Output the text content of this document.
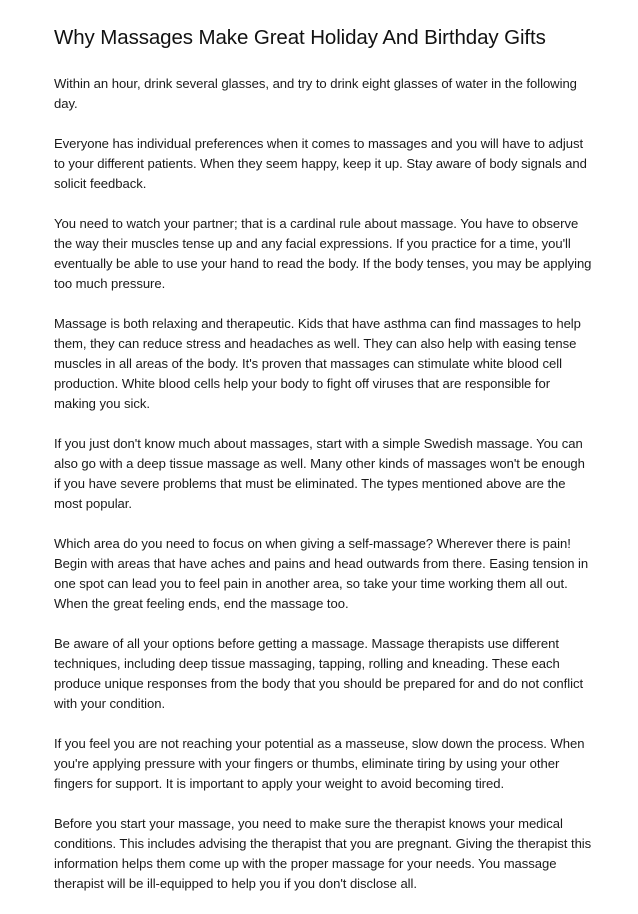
Why Massages Make Great Holiday And Birthday Gifts

Within an hour, drink several glasses, and try to drink eight glasses of water in the following day.

Everyone has individual preferences when it comes to massages and you will have to adjust to your different patients. When they seem happy, keep it up. Stay aware of body signals and solicit feedback.

You need to watch your partner; that is a cardinal rule about massage. You have to observe the way their muscles tense up and any facial expressions. If you practice for a time, you'll eventually be able to use your hand to read the body. If the body tenses, you may be applying too much pressure.

Massage is both relaxing and therapeutic. Kids that have asthma can find massages to help them, they can reduce stress and headaches as well. They can also help with easing tense muscles in all areas of the body. It's proven that massages can stimulate white blood cell production. White blood cells help your body to fight off viruses that are responsible for making you sick.

If you just don't know much about massages, start with a simple Swedish massage. You can also go with a deep tissue massage as well. Many other kinds of massages won't be enough if you have severe problems that must be eliminated. The types mentioned above are the most popular.

Which area do you need to focus on when giving a self-massage? Wherever there is pain! Begin with areas that have aches and pains and head outwards from there. Easing tension in one spot can lead you to feel pain in another area, so take your time working them all out. When the great feeling ends, end the massage too.

Be aware of all your options before getting a massage. Massage therapists use different techniques, including deep tissue massaging, tapping, rolling and kneading. These each produce unique responses from the body that you should be prepared for and do not conflict with your condition.

If you feel you are not reaching your potential as a masseuse, slow down the process. When you're applying pressure with your fingers or thumbs, eliminate tiring by using your other fingers for support. It is important to apply your weight to avoid becoming tired.

Before you start your massage, you need to make sure the therapist knows your medical conditions. This includes advising the therapist that you are pregnant. Giving the therapist this information helps them come up with the proper massage for your needs. You massage therapist will be ill-equipped to help you if you don't disclose all.
